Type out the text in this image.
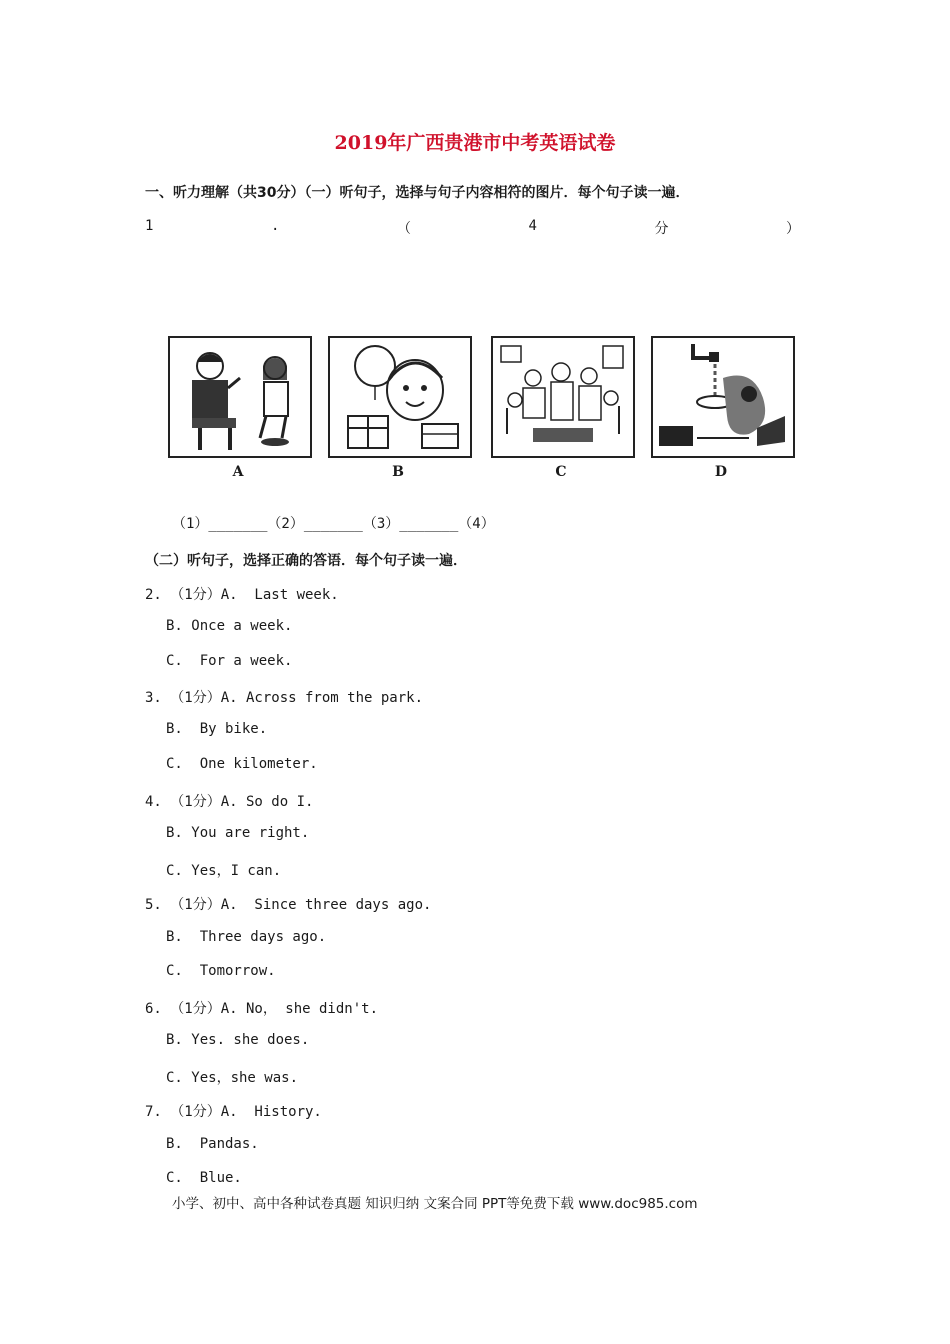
2019年广西贵港市中考英语试卷
一、听力理解（共30分）（一）听句子，选择与句子内容相符的图片．每个句子读一遍．
1	.	（	4	分	）
A	B	C	D
（1）_______（2）_______（3）_______（4）
（二）听句子，选择正确的答语．每个句子读一遍．
2. （1分）A.  Last week.
B. Once a week.
C.  For a week.
3. （1分）A. Across from the park.
B.  By bike.
C.  One kilometer.
4. （1分）A. So do I.
B. You are right.
C. Yes，I can.
5. （1分）A.  Since three days ago.
B.  Three days ago.
C.  Tomorrow.
6. （1分）A. No， she didn't.
B. Yes. she does.
C. Yes，she was.
7. （1分）A.  History.
B.  Pandas.
C.  Blue.
小学、初中、高中各种试卷真题 知识归纳 文案合同 PPT等免费下载 www.doc985.com
